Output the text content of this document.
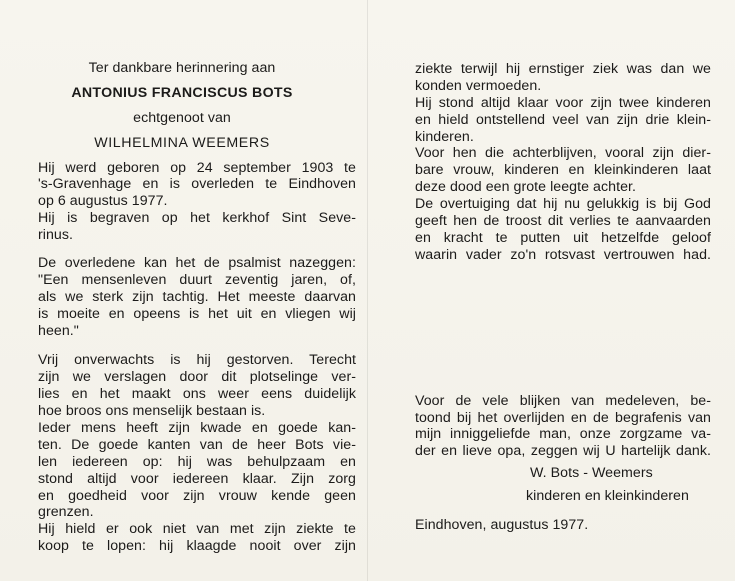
Ter dankbare herinnering aan
ANTONIUS FRANCISCUS BOTS
echtgenoot van
WILHELMINA WEEMERS
Hij werd geboren op 24 september 1903 te
's-Gravenhage en is overleden te Eindhoven
op 6 augustus 1977.
Hij is begraven op het kerkhof Sint Seve-
rinus.
De overledene kan het de psalmist nazeggen:
"Een mensenleven duurt zeventig jaren, of,
als we sterk zijn tachtig. Het meeste daarvan
is moeite en opeens is het uit en vliegen wij
heen."
Vrij onverwachts is hij gestorven. Terecht
zijn we verslagen door dit plotselinge ver-
lies en het maakt ons weer eens duidelijk
hoe broos ons menselijk bestaan is.
Ieder mens heeft zijn kwade en goede kan-
ten. De goede kanten van de heer Bots vie-
len iedereen op: hij was behulpzaam en
stond altijd voor iedereen klaar. Zijn zorg
en goedheid voor zijn vrouw kende geen
grenzen.
Hij hield er ook niet van met zijn ziekte te
koop te lopen: hij klaagde nooit over zijn
ziekte terwijl hij ernstiger ziek was dan we
konden vermoeden.
Hij stond altijd klaar voor zijn twee kinderen
en hield ontstellend veel van zijn drie klein-
kinderen.
Voor hen die achterblijven, vooral zijn dier-
bare vrouw, kinderen en kleinkinderen laat
deze dood een grote leegte achter.
De overtuiging dat hij nu gelukkig is bij God
geeft hen de troost dit verlies te aanvaarden
en kracht te putten uit hetzelfde geloof
waarin vader zo'n rotsvast vertrouwen had.
Voor de vele blijken van medeleven, be-
toond bij het overlijden en de begrafenis van
mijn inniggeliefde man, onze zorgzame va-
der en lieve opa, zeggen wij U hartelijk dank.
W. Bots - Weemers
kinderen en kleinkinderen
Eindhoven, augustus 1977.
